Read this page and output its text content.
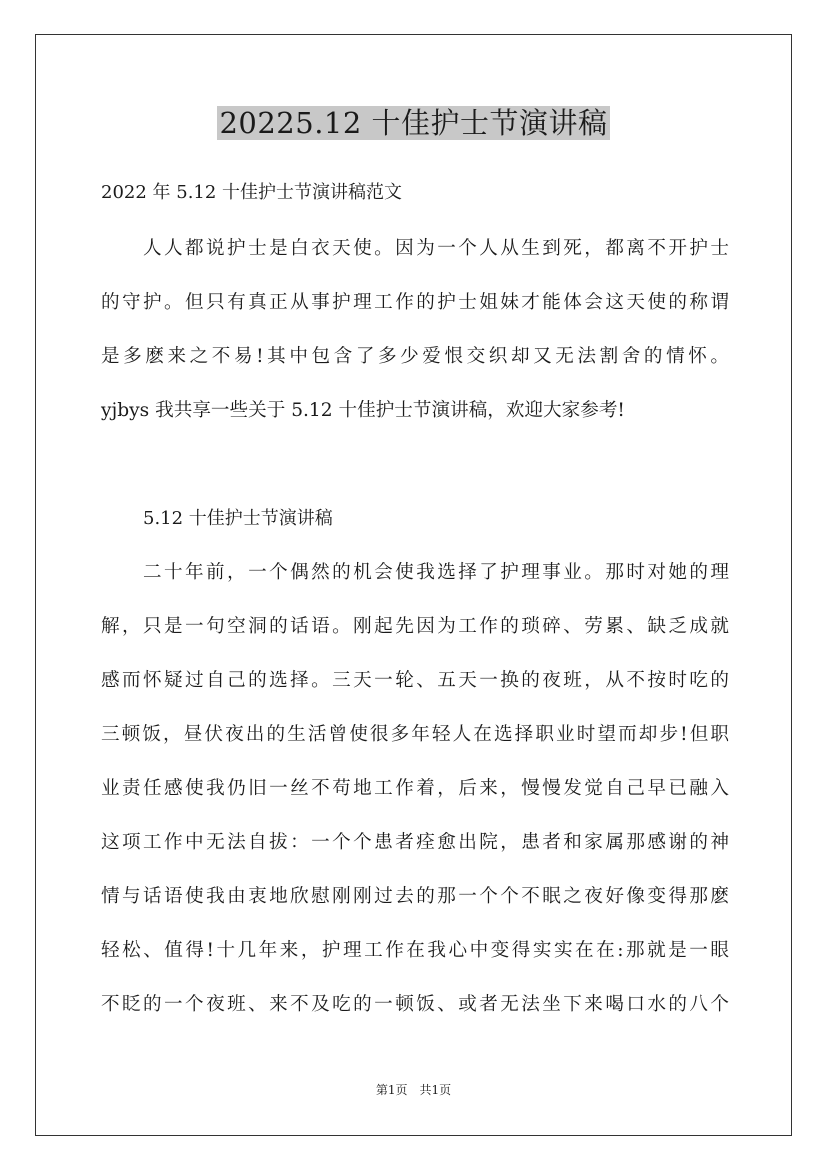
20225.12 十佳护士节演讲稿
2022 年 5.12 十佳护士节演讲稿范文
人人都说护士是白衣天使。因为一个人从生到死，都离不开护士
的守护。但只有真正从事护理工作的护士姐妹才能体会这天使的称谓
是多麽来之不易!其中包含了多少爱恨交织却又无法割舍的情怀。
yjbys 我共享一些关于 5.12 十佳护士节演讲稿，欢迎大家参考!
5.12 十佳护士节演讲稿
二十年前，一个偶然的机会使我选择了护理事业。那时对她的理
解，只是一句空洞的话语。刚起先因为工作的琐碎、劳累、缺乏成就
感而怀疑过自己的选择。三天一轮、五天一换的夜班，从不按时吃的
三顿饭，昼伏夜出的生活曾使很多年轻人在选择职业时望而却步!但职
业责任感使我仍旧一丝不苟地工作着，后来，慢慢发觉自己早已融入
这项工作中无法自拔：一个个患者痊愈出院，患者和家属那感谢的神
情与话语使我由衷地欣慰刚刚过去的那一个个不眠之夜好像变得那麽
轻松、值得!十几年来，护理工作在我心中变得实实在在:那就是一眼
不眨的一个夜班、来不及吃的一顿饭、或者无法坐下来喝口水的八个
第1页　共1页
